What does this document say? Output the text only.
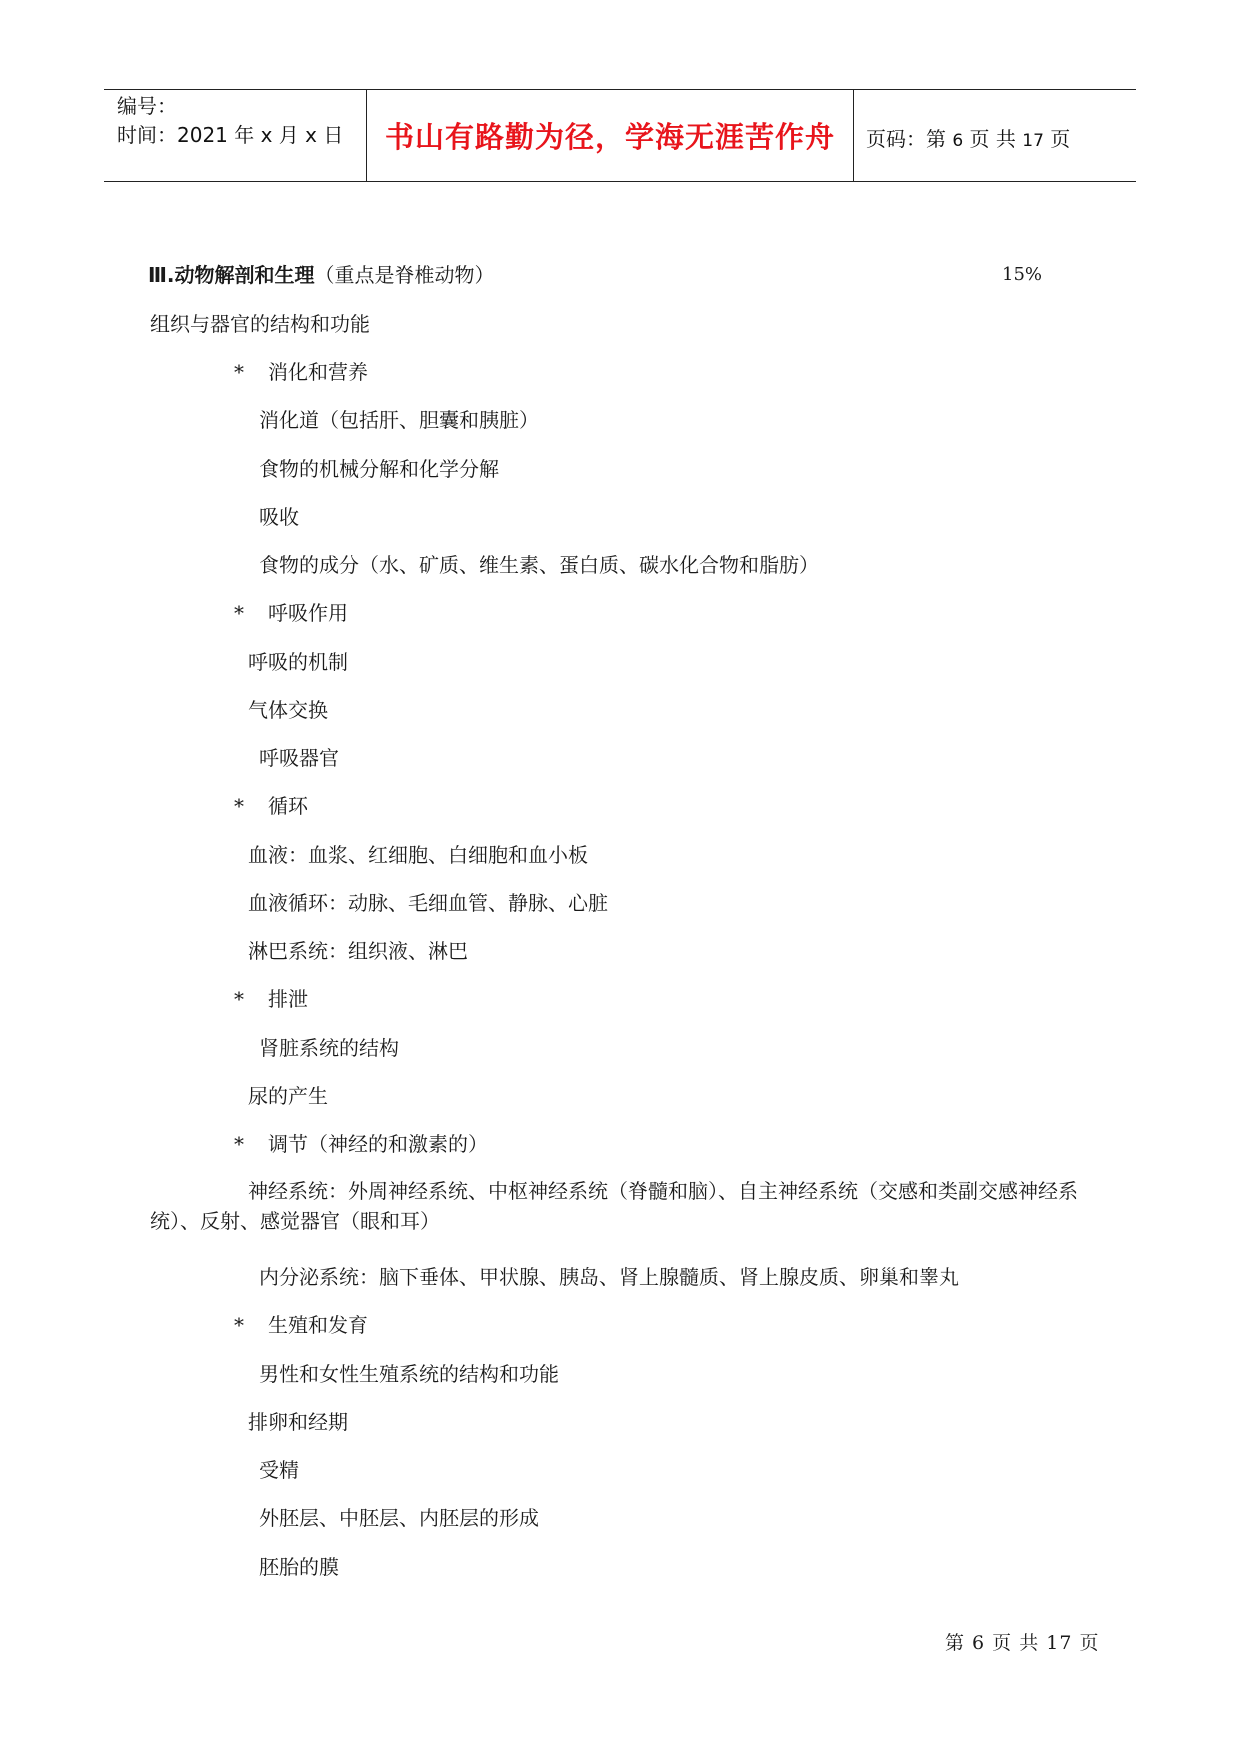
编号：
时间：2021 年 x 月 x 日	书山有路勤为径，学海无涯苦作舟	页码：第 6 页 共 17 页
Ⅲ.动物解剖和生理（重点是脊椎动物）	15%
组织与器官的结构和功能
* 消化和营养
消化道（包括肝、胆囊和胰脏）
食物的机械分解和化学分解
吸收
食物的成分（水、矿质、维生素、蛋白质、碳水化合物和脂肪）
* 呼吸作用
呼吸的机制
气体交换
呼吸器官
* 循环
血液：血浆、红细胞、白细胞和血小板
血液循环：动脉、毛细血管、静脉、心脏
淋巴系统：组织液、淋巴
* 排泄
肾脏系统的结构
尿的产生
* 调节（神经的和激素的）
神经系统：外周神经系统、中枢神经系统（脊髓和脑）、自主神经系统（交感和类副交感神经系统）、反射、感觉器官（眼和耳）
内分泌系统：脑下垂体、甲状腺、胰岛、肾上腺髓质、肾上腺皮质、卵巢和睾丸
* 生殖和发育
男性和女性生殖系统的结构和功能
排卵和经期
受精
外胚层、中胚层、内胚层的形成
胚胎的膜
第 6 页 共 17 页
